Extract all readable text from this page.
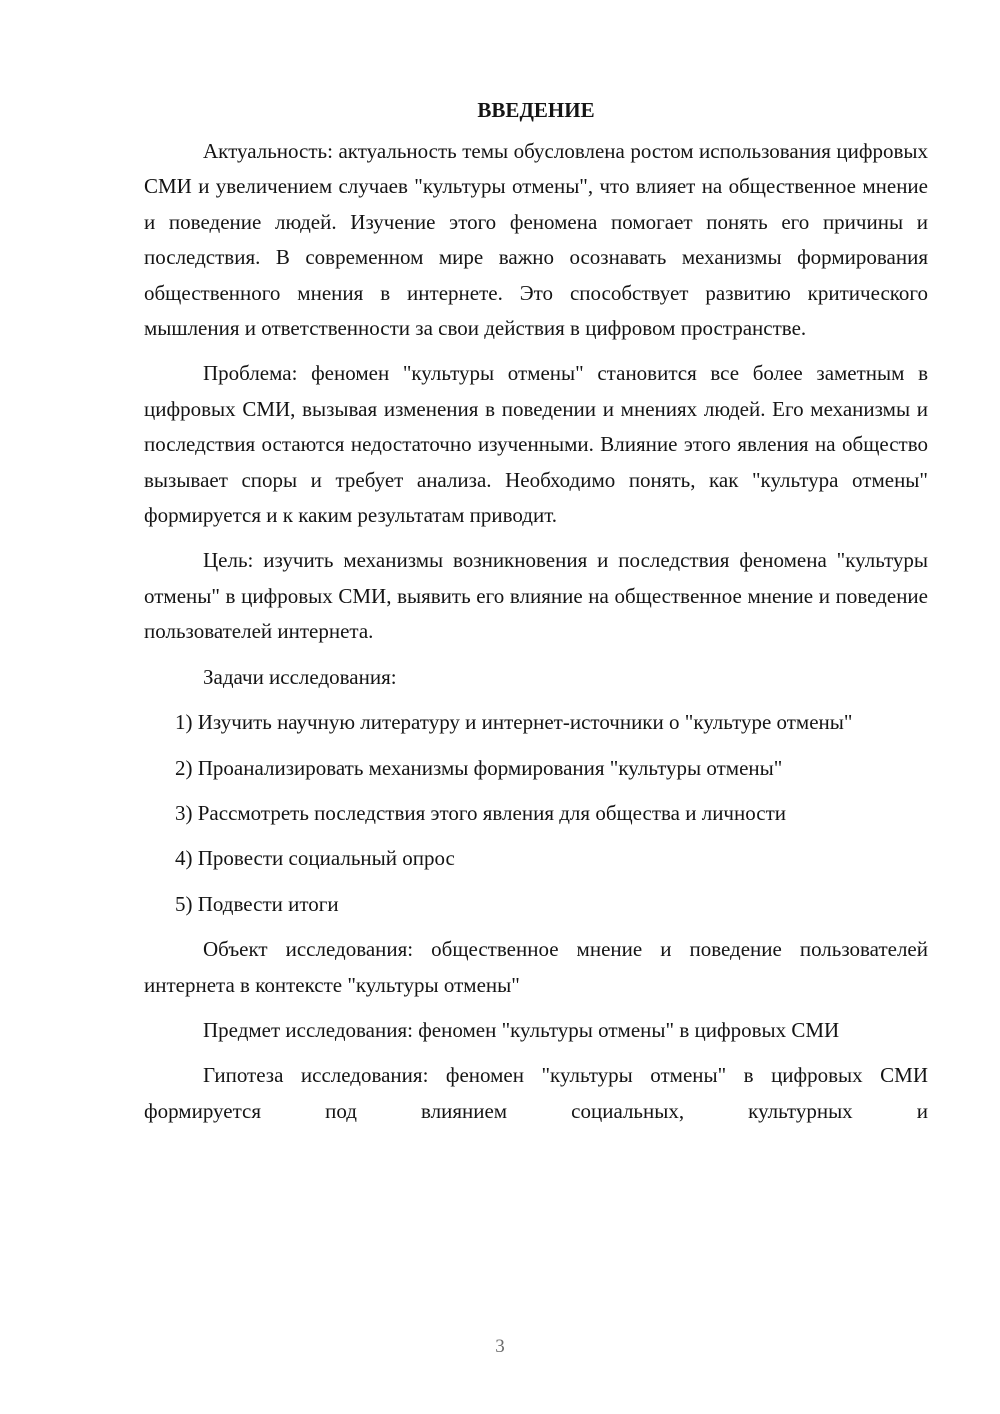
ВВЕДЕНИЕ

Актуальность: актуальность темы обусловлена ростом использования цифровых СМИ и увеличением случаев "культуры отмены", что влияет на общественное мнение и поведение людей. Изучение этого феномена помогает понять его причины и последствия. В современном мире важно осознавать механизмы формирования общественного мнения в интернете. Это способствует развитию критического мышления и ответственности за свои действия в цифровом пространстве.

Проблема: феномен "культуры отмены" становится все более заметным в цифровых СМИ, вызывая изменения в поведении и мнениях людей. Его механизмы и последствия остаются недостаточно изученными. Влияние этого явления на общество вызывает споры и требует анализа. Необходимо понять, как "культура отмены" формируется и к каким результатам приводит.

Цель: изучить механизмы возникновения и последствия феномена "культуры отмены" в цифровых СМИ, выявить его влияние на общественное мнение и поведение пользователей интернета.

Задачи исследования:

1) Изучить научную литературу и интернет-источники о "культуре отмены"

2) Проанализировать механизмы формирования "культуры отмены"

3) Рассмотреть последствия этого явления для общества и личности

4) Провести социальный опрос

5) Подвести итоги

Объект исследования: общественное мнение и поведение пользователей интернета в контексте "культуры отмены"

Предмет исследования: феномен "культуры отмены" в цифровых СМИ

Гипотеза исследования: феномен "культуры отмены" в цифровых СМИ формируется под влиянием социальных, культурных и

3
